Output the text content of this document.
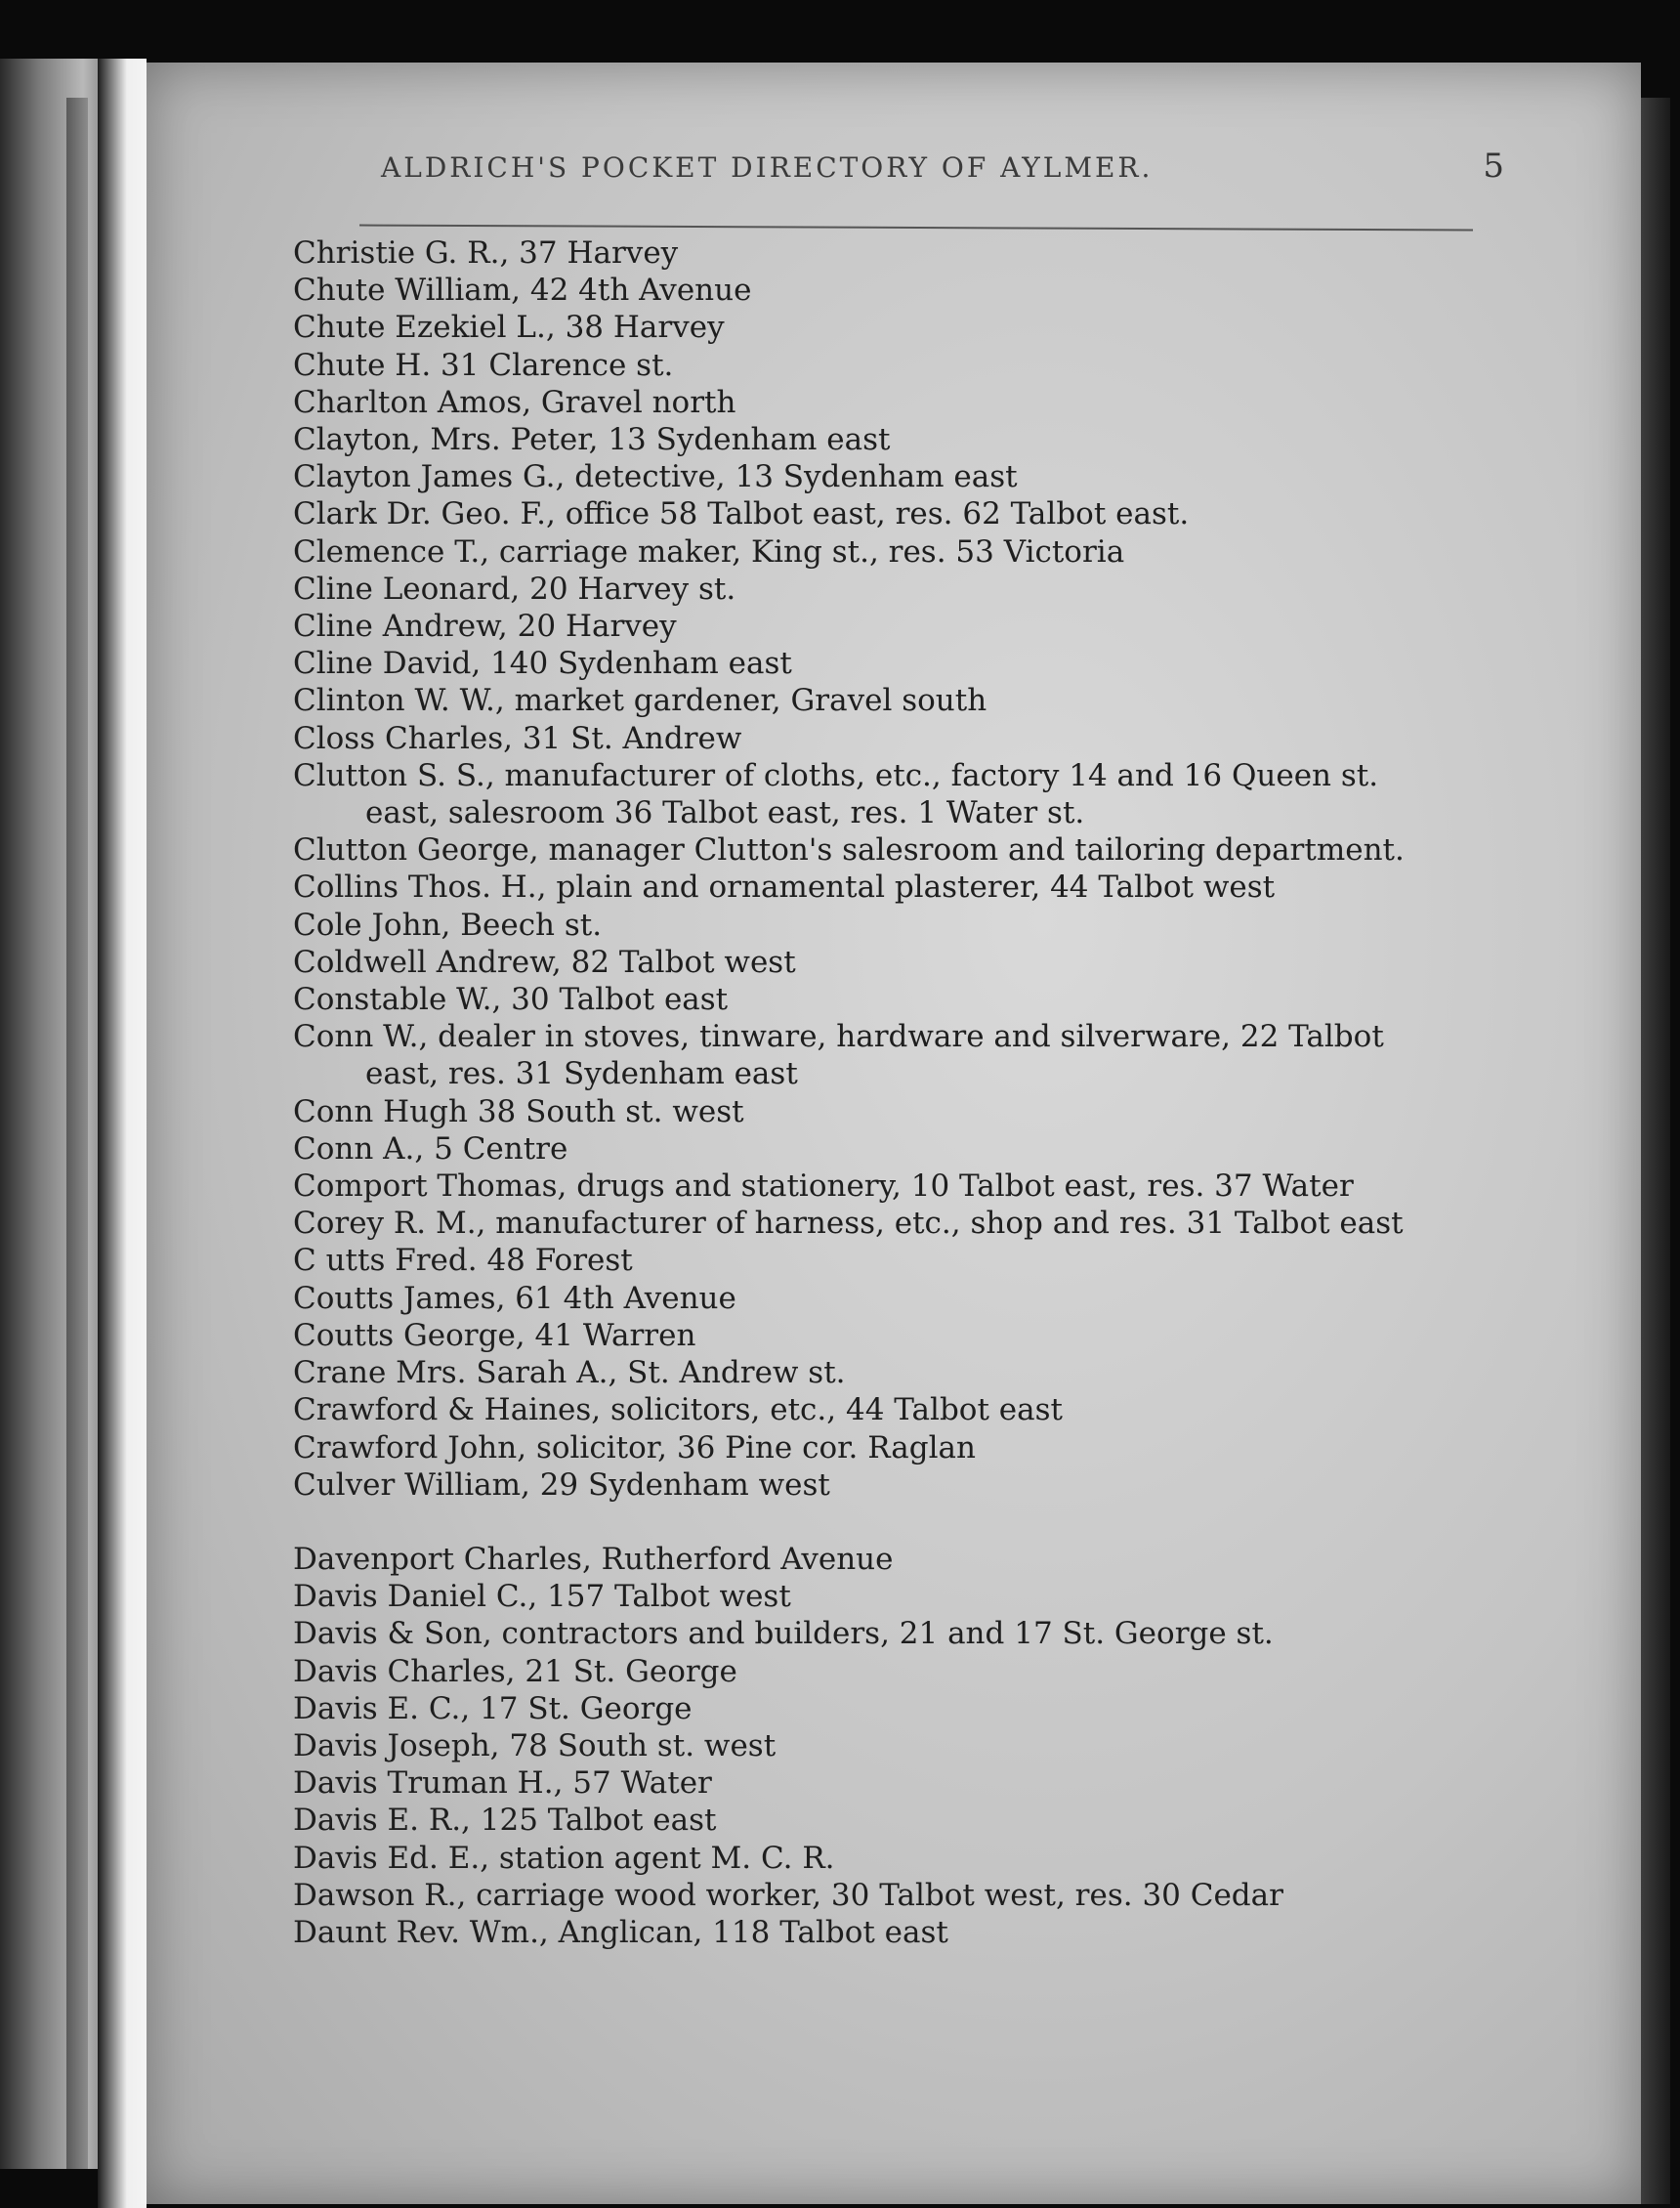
ALDRICH'S POCKET DIRECTORY OF AYLMER.	5
Christie G. R., 37 Harvey
Chute William, 42 4th Avenue
Chute Ezekiel L., 38 Harvey
Chute H. 31 Clarence st.
Charlton Amos, Gravel north
Clayton, Mrs. Peter, 13 Sydenham east
Clayton James G., detective, 13 Sydenham east
Clark Dr. Geo. F., office 58 Talbot east, res. 62 Talbot east.
Clemence T., carriage maker, King st., res. 53 Victoria
Cline Leonard, 20 Harvey st.
Cline Andrew, 20 Harvey
Cline David, 140 Sydenham east
Clinton W. W., market gardener, Gravel south
Closs Charles, 31 St. Andrew
Clutton S. S., manufacturer of cloths, etc., factory 14 and 16 Queen st.
east, salesroom 36 Talbot east, res. 1 Water st.
Clutton George, manager Clutton's salesroom and tailoring department.
Collins Thos. H., plain and ornamental plasterer, 44 Talbot west
Cole John, Beech st.
Coldwell Andrew, 82 Talbot west
Constable W., 30 Talbot east
Conn W., dealer in stoves, tinware, hardware and silverware, 22 Talbot
east, res. 31 Sydenham east
Conn Hugh 38 South st. west
Conn A., 5 Centre
Comport Thomas, drugs and stationery, 10 Talbot east, res. 37 Water
Corey R. M., manufacturer of harness, etc., shop and res. 31 Talbot east
C utts Fred. 48 Forest
Coutts James, 61 4th Avenue
Coutts George, 41 Warren
Crane Mrs. Sarah A., St. Andrew st.
Crawford & Haines, solicitors, etc., 44 Talbot east
Crawford John, solicitor, 36 Pine cor. Raglan
Culver William, 29 Sydenham west
Davenport Charles, Rutherford Avenue
Davis Daniel C., 157 Talbot west
Davis & Son, contractors and builders, 21 and 17 St. George st.
Davis Charles, 21 St. George
Davis E. C., 17 St. George
Davis Joseph, 78 South st. west
Davis Truman H., 57 Water
Davis E. R., 125 Talbot east
Davis Ed. E., station agent M. C. R.
Dawson R., carriage wood worker, 30 Talbot west, res. 30 Cedar
Daunt Rev. Wm., Anglican, 118 Talbot east
